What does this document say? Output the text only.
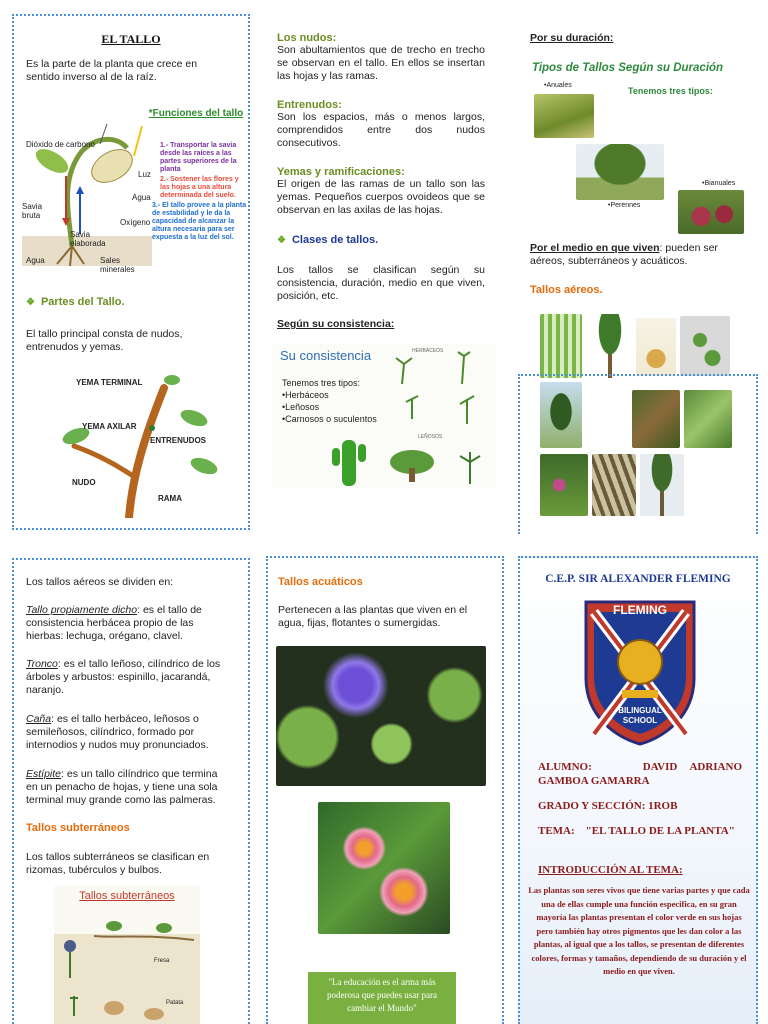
EL TALLO

Es la parte de la planta que crece en sentido inverso al de la raíz.

Dióxido de carbono
Luz
Agua
Oxígeno
Savia bruta
Savia elaborada
Agua	Sales minerales
*Funciones del tallo
1.- Transportar la savia desde las raíces a las partes superiores de la planta
2.- Sostener las flores y las hojas a una altura determinada del suelo.
3.- El tallo provee a la planta de estabilidad y le da la capacidad de alcanzar la altura necesaria para ser expuesta a la luz del sol.
❖ Partes del Tallo.

El tallo principal consta de nudos, entrenudos y yemas.

YEMA TERMINAL
YEMA AXILAR
ENTRENUDOS
NUDO
RAMA
Los nudos:

Son abultamientos que de trecho en trecho se observan en el tallo. En ellos se insertan las hojas y las ramas.

Entrenudos:

Son los espacios, más o menos largos, comprendidos entre dos nudos consecutivos.

Yemas y ramificaciones:

El origen de las ramas de un tallo son las yemas. Pequeños cuerpos ovoideos que se observan en las axilas de las hojas.

❖ Clases de tallos.

Los tallos se clasifican según su consistencia, duración, medio en que viven, posición, etc.

Según su consistencia:
Su consistencia
Tenemos tres tipos:
•Herbáceos
•Leñosos
•Carnosos o suculentos
HERBÁCEOS
LEÑOSOS
Por su duración:
Tipos de Tallos Según su Duración
•Anuales
Tenemos tres tipos:
•Perennes
•Bianuales
Por el medio en que viven: pueden ser aéreos, subterráneos y acuáticos.
Tallos aéreos.

Los tallos aéreos se dividen en:

Tallo propiamente dicho: es el tallo de consistencia herbácea propio de las hierbas: lechuga, orégano, clavel.

Tronco: es el tallo leñoso, cilíndrico de los árboles y arbustos: espinillo, jacarandá, naranjo.

Caña: es el tallo herbáceo, leñosos o semileñosos, cilíndrico, formado por internodios y nudos muy pronunciados.

Estípite: es un tallo cilíndrico que termina en un penacho de hojas, y tiene una sola terminal muy grande como las palmeras.

Tallos subterráneos

Los tallos subterráneos se clasifican en rizomas, tubérculos y bulbos.

Tallos subterráneos
Fresa
Patata
Tallos acuáticos

Pertenecen a las plantas que viven en el agua, fijas, flotantes o sumergidas.

"La educación es el arma más poderosa que puedes usar para cambiar el Mundo"
C.E.P. SIR ALEXANDER FLEMING
FLEMING
BILINGUAL
SCHOOL
ALUMNO:	DAVID ADRIANO GAMBOA GAMARRA
GRADO Y SECCIÓN: 1ROB
TEMA: "EL TALLO DE LA PLANTA"
INTRODUCCIÓN AL TEMA:
Las plantas son seres vivos que tiene varias partes y que cada una de ellas cumple una función especifica, en su gran mayoría las plantas presentan el color verde en sus hojas pero también hay otros pigmentos que les dan color a las plantas, al igual que a los tallos, se presentan de diferentes colores, formas y tamaños, dependiendo de su duración y el medio en que viven.
